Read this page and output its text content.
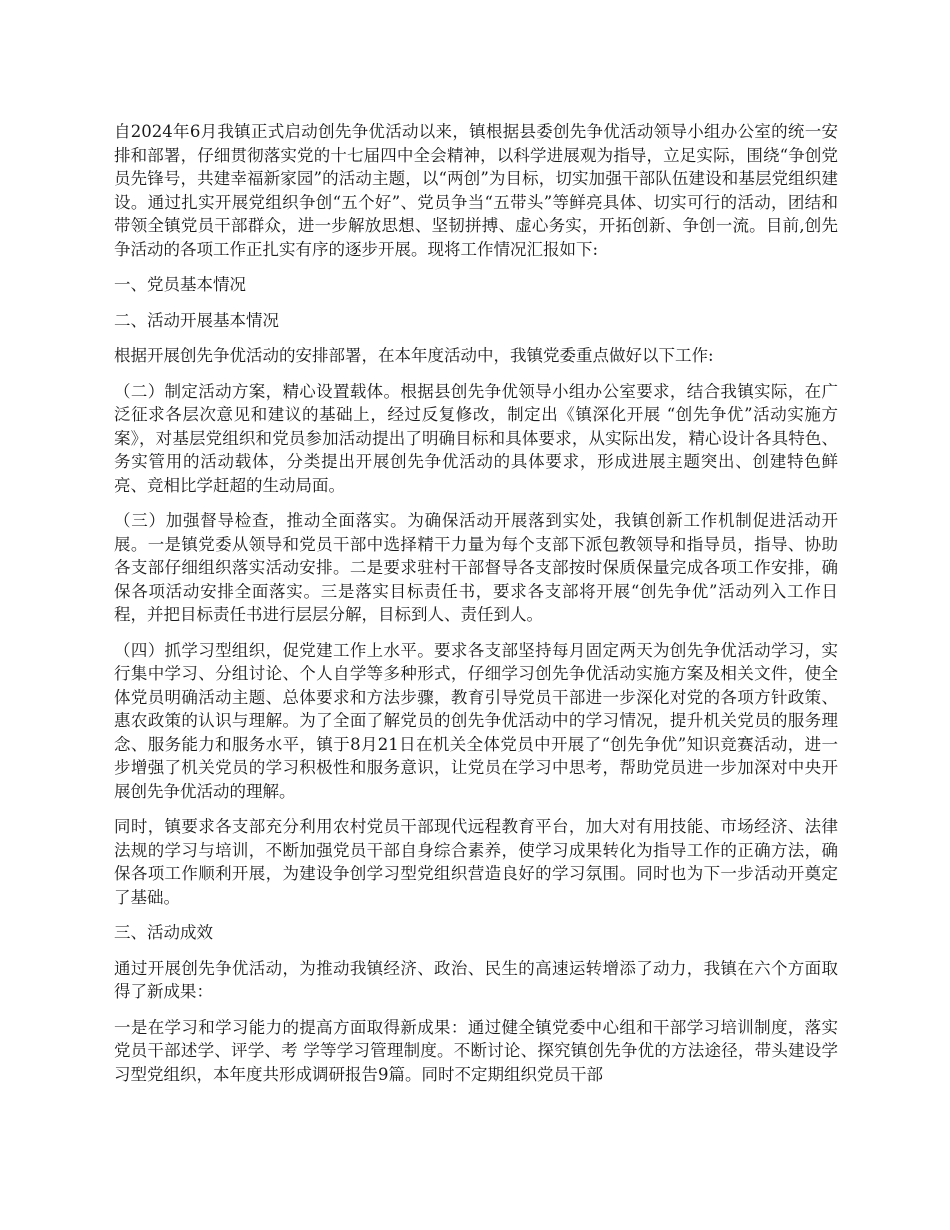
自2024年6月我镇正式启动创先争优活动以来，镇根据县委创先争优活动领导小组办公室的统一安排和部署，仔细贯彻落实党的十七届四中全会精神，以科学进展观为指导，立足实际，围绕“争创党员先锋号，共建幸福新家园”的活动主题，以“两创”为目标，切实加强干部队伍建设和基层党组织建设。通过扎实开展党组织争创“五个好”、党员争当“五带头”等鲜亮具体、切实可行的活动，团结和带领全镇党员干部群众，进一步解放思想、坚韧拼搏、虚心务实，开拓创新、争创一流。目前,创先争活动的各项工作正扎实有序的逐步开展。现将工作情况汇报如下:

一、党员基本情况

二、活动开展基本情况

根据开展创先争优活动的安排部署，在本年度活动中，我镇党委重点做好以下工作:

（二）制定活动方案，精心设置载体。根据县创先争优领导小组办公室要求，结合我镇实际，在广泛征求各层次意见和建议的基础上，经过反复修改，制定出《镇深化开展 “创先争优”活动实施方案》，对基层党组织和党员参加活动提出了明确目标和具体要求，从实际出发，精心设计各具特色、务实管用的活动载体，分类提出开展创先争优活动的具体要求，形成进展主题突出、创建特色鲜亮、竞相比学赶超的生动局面。

（三）加强督导检查，推动全面落实。为确保活动开展落到实处，我镇创新工作机制促进活动开展。一是镇党委从领导和党员干部中选择精干力量为每个支部下派包教领导和指导员，指导、协助各支部仔细组织落实活动安排。二是要求驻村干部督导各支部按时保质保量完成各项工作安排，确保各项活动安排全面落实。三是落实目标责任书，要求各支部将开展“创先争优”活动列入工作日程，并把目标责任书进行层层分解，目标到人、责任到人。

（四）抓学习型组织，促党建工作上水平。要求各支部坚持每月固定两天为创先争优活动学习，实行集中学习、分组讨论、个人自学等多种形式，仔细学习创先争优活动实施方案及相关文件，使全体党员明确活动主题、总体要求和方法步骤，教育引导党员干部进一步深化对党的各项方针政策、惠农政策的认识与理解。为了全面了解党员的创先争优活动中的学习情况，提升机关党员的服务理念、服务能力和服务水平，镇于8月21日在机关全体党员中开展了“创先争优”知识竞赛活动，进一步增强了机关党员的学习积极性和服务意识，让党员在学习中思考，帮助党员进一步加深对中央开展创先争优活动的理解。

同时，镇要求各支部充分利用农村党员干部现代远程教育平台，加大对有用技能、市场经济、法律法规的学习与培训，不断加强党员干部自身综合素养，使学习成果转化为指导工作的正确方法，确保各项工作顺利开展，为建设争创学习型党组织营造良好的学习氛围。同时也为下一步活动开奠定了基础。

三、活动成效

通过开展创先争优活动，为推动我镇经济、政治、民生的高速运转增添了动力，我镇在六个方面取得了新成果：

一是在学习和学习能力的提高方面取得新成果：通过健全镇党委中心组和干部学习培训制度，落实党员干部述学、评学、考 学等学习管理制度。不断讨论、探究镇创先争优的方法途径，带头建设学习型党组织，本年度共形成调研报告9篇。同时不定期组织党员干部
